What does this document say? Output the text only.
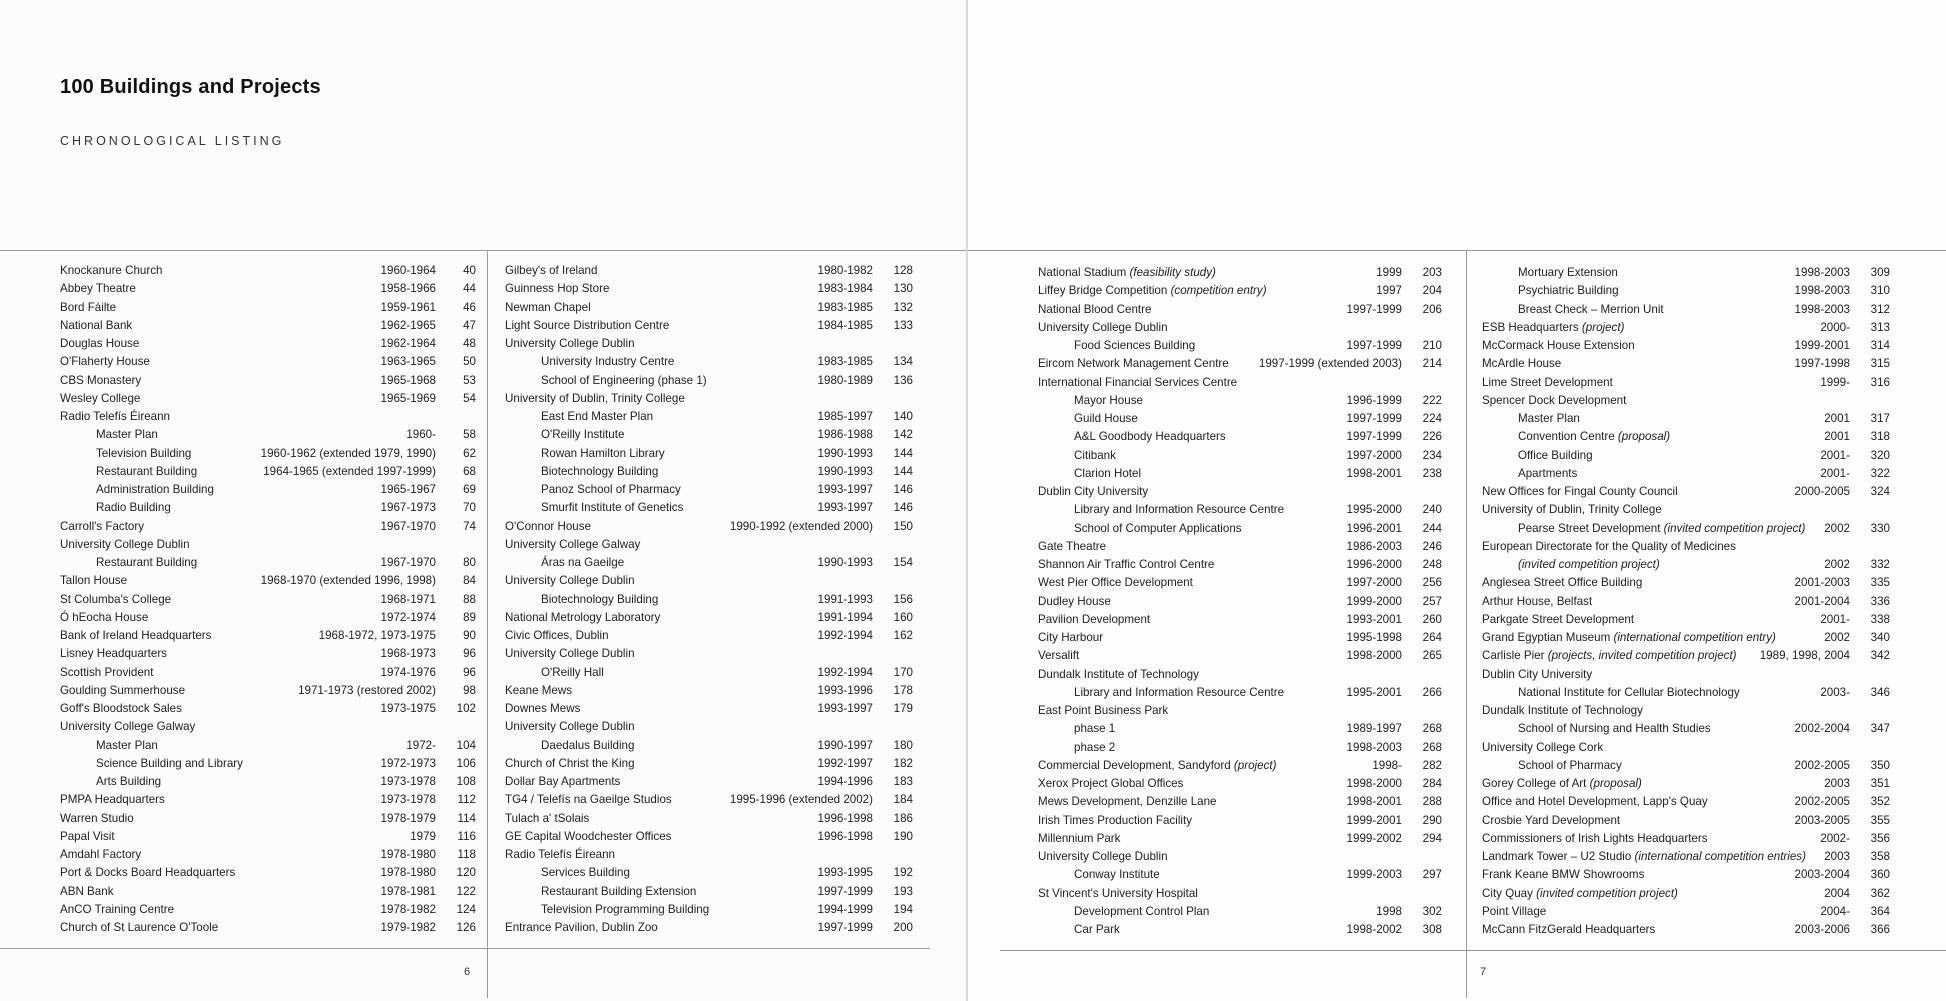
100 Buildings and Projects
CHRONOLOGICAL LISTING
Knockanure Church	1960-1964 40
Abbey Theatre	1958-1966 44
Bord Fáilte	1959-1961 46
National Bank	1962-1965 47
Douglas House	1962-1964 48
O'Flaherty House	1963-1965 50
CBS Monastery	1965-1968 53
Wesley College	1965-1969 54
Radio Telefís Éireann
Master Plan	1960- 58
Television Building	1960-1962 (extended 1979, 1990) 62
Restaurant Building	1964-1965 (extended 1997-1999) 68
Administration Building	1965-1967 69
Radio Building	1967-1973 70
Carroll's Factory	1967-1970 74
University College Dublin
Restaurant Building	1967-1970 80
Tallon House	1968-1970 (extended 1996, 1998) 84
St Columba's College	1968-1971 88
Ó hEocha House	1972-1974 89
Bank of Ireland Headquarters	1968-1972, 1973-1975 90
Lisney Headquarters	1968-1973 96
Scottish Provident	1974-1976 96
Goulding Summerhouse	1971-1973 (restored 2002) 98
Goff's Bloodstock Sales	1973-1975 102
University College Galway
Master Plan	1972- 104
Science Building and Library	1972-1973 106
Arts Building	1973-1978 108
PMPA Headquarters	1973-1978 112
Warren Studio	1978-1979 114
Papal Visit	1979 116
Amdahl Factory	1978-1980 118
Port & Docks Board Headquarters	1978-1980 120
ABN Bank	1978-1981 122
AnCO Training Centre	1978-1982 124
Church of St Laurence O'Toole	1979-1982 126
Gilbey's of Ireland	1980-1982 128
Guinness Hop Store	1983-1984 130
Newman Chapel	1983-1985 132
Light Source Distribution Centre	1984-1985 133
University College Dublin
University Industry Centre	1983-1985 134
School of Engineering (phase 1)	1980-1989 136
University of Dublin, Trinity College
East End Master Plan	1985-1997 140
O'Reilly Institute	1986-1988 142
Rowan Hamilton Library	1990-1993 144
Biotechnology Building	1990-1993 144
Panoz School of Pharmacy	1993-1997 146
Smurfit Institute of Genetics	1993-1997 146
O'Connor House	1990-1992 (extended 2000) 150
University College Galway
Áras na Gaeilge	1990-1993 154
University College Dublin
Biotechnology Building	1991-1993 156
National Metrology Laboratory	1991-1994 160
Civic Offices, Dublin	1992-1994 162
University College Dublin
O'Reilly Hall	1992-1994 170
Keane Mews	1993-1996 178
Downes Mews	1993-1997 179
University College Dublin
Daedalus Building	1990-1997 180
Church of Christ the King	1992-1997 182
Dollar Bay Apartments	1994-1996 183
TG4 / Telefís na Gaeilge Studios	1995-1996 (extended 2002) 184
Tulach a' tSolais	1996-1998 186
GE Capital Woodchester Offices	1996-1998 190
Radio Telefís Éireann
Services Building	1993-1995 192
Restaurant Building Extension	1997-1999 193
Television Programming Building	1994-1999 194
Entrance Pavilion, Dublin Zoo	1997-1999 200
National Stadium (feasibility study)	1999 203
Liffey Bridge Competition (competition entry)	1997 204
National Blood Centre	1997-1999 206
University College Dublin
Food Sciences Building	1997-1999 210
Eircom Network Management Centre	1997-1999 (extended 2003) 214
International Financial Services Centre
Mayor House	1996-1999 222
Guild House	1997-1999 224
A&L Goodbody Headquarters	1997-1999 226
Citibank	1997-2000 234
Clarion Hotel	1998-2001 238
Dublin City University
Library and Information Resource Centre	1995-2000 240
School of Computer Applications	1996-2001 244
Gate Theatre	1986-2003 246
Shannon Air Traffic Control Centre	1996-2000 248
West Pier Office Development	1997-2000 256
Dudley House	1999-2000 257
Pavilion Development	1993-2001 260
City Harbour	1995-1998 264
Versalift	1998-2000 265
Dundalk Institute of Technology
Library and Information Resource Centre	1995-2001 266
East Point Business Park
phase 1	1989-1997 268
phase 2	1998-2003 268
Commercial Development, Sandyford (project)	1998- 282
Xerox Project Global Offices	1998-2000 284
Mews Development, Denzille Lane	1998-2001 288
Irish Times Production Facility	1999-2001 290
Millennium Park	1999-2002 294
University College Dublin
Conway Institute	1999-2003 297
St Vincent's University Hospital
Development Control Plan	1998 302
Car Park	1998-2002 308
Mortuary Extension	1998-2003 309
Psychiatric Building	1998-2003 310
Breast Check – Merrion Unit	1998-2003 312
ESB Headquarters (project)	2000- 313
McCormack House Extension	1999-2001 314
McArdle House	1997-1998 315
Lime Street Development	1999- 316
Spencer Dock Development
Master Plan	2001 317
Convention Centre (proposal)	2001 318
Office Building	2001- 320
Apartments	2001- 322
New Offices for Fingal County Council	2000-2005 324
University of Dublin, Trinity College
Pearse Street Development (invited competition project) 2002 330
European Directorate for the Quality of Medicines
(invited competition project)	2002 332
Anglesea Street Office Building	2001-2003 335
Arthur House, Belfast	2001-2004 336
Parkgate Street Development	2001- 338
Grand Egyptian Museum (international competition entry)	2002 340
Carlisle Pier (projects, invited competition project) 1989, 1998, 2004 342
Dublin City University
National Institute for Cellular Biotechnology	2003- 346
Dundalk Institute of Technology
School of Nursing and Health Studies	2002-2004 347
University College Cork
School of Pharmacy	2002-2005 350
Gorey College of Art (proposal)	2003 351
Office and Hotel Development, Lapp's Quay	2002-2005 352
Crosbie Yard Development	2003-2005 355
Commissioners of Irish Lights Headquarters	2002- 356
Landmark Tower – U2 Studio (international competition entries) 2003 358
Frank Keane BMW Showrooms	2003-2004 360
City Quay (invited competition project)	2004 362
Point Village	2004- 364
McCann FitzGerald Headquarters	2003-2006 366
6	7
